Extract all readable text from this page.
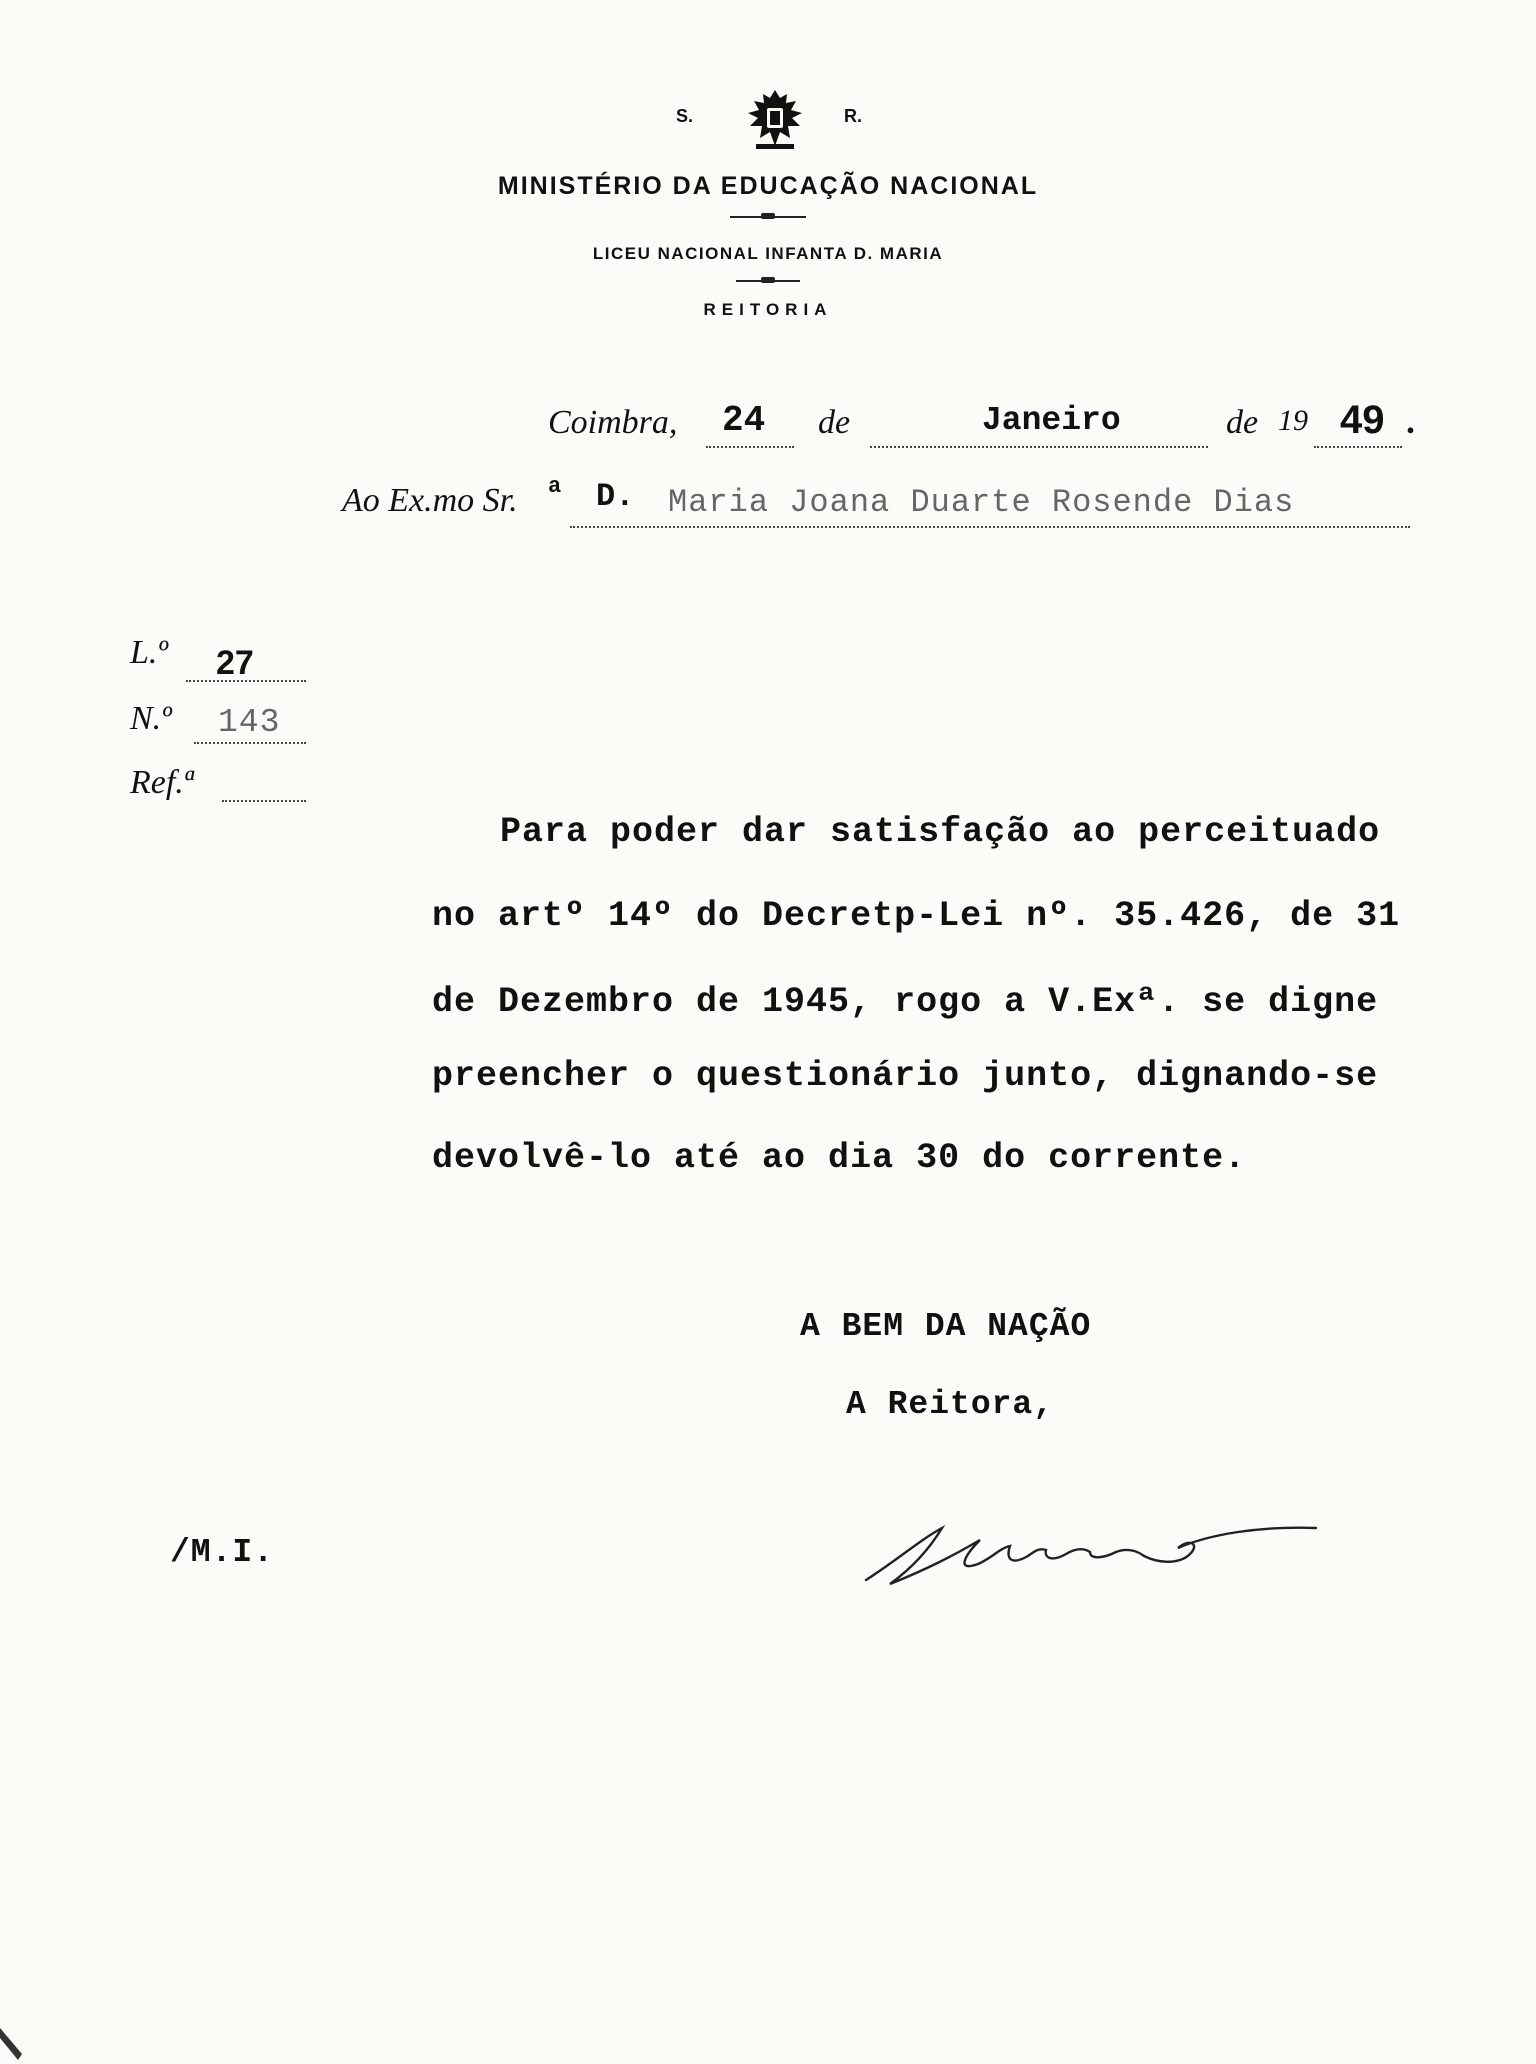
S.	R.
MINISTÉRIO DA EDUCAÇÃO NACIONAL
LICEU NACIONAL INFANTA D. MARIA
REITORIA
Coimbra, 24 de	Janeiro	de 19 49 .
Ao Ex.mo Sr. a D. Maria Joana Duarte Rosende Dias
L.º 27
N.º 143
Ref.ª
Para poder dar satisfação ao perceituado
no artº 14º do Decretp-Lei nº. 35.426, de 31
de Dezembro de 1945, rogo a V.Exª. se digne
preencher o questionário junto, dignando-se
devolvê-lo até ao dia 30 do corrente.
A BEM DA NAÇÃO
A Reitora,
/M.I.
